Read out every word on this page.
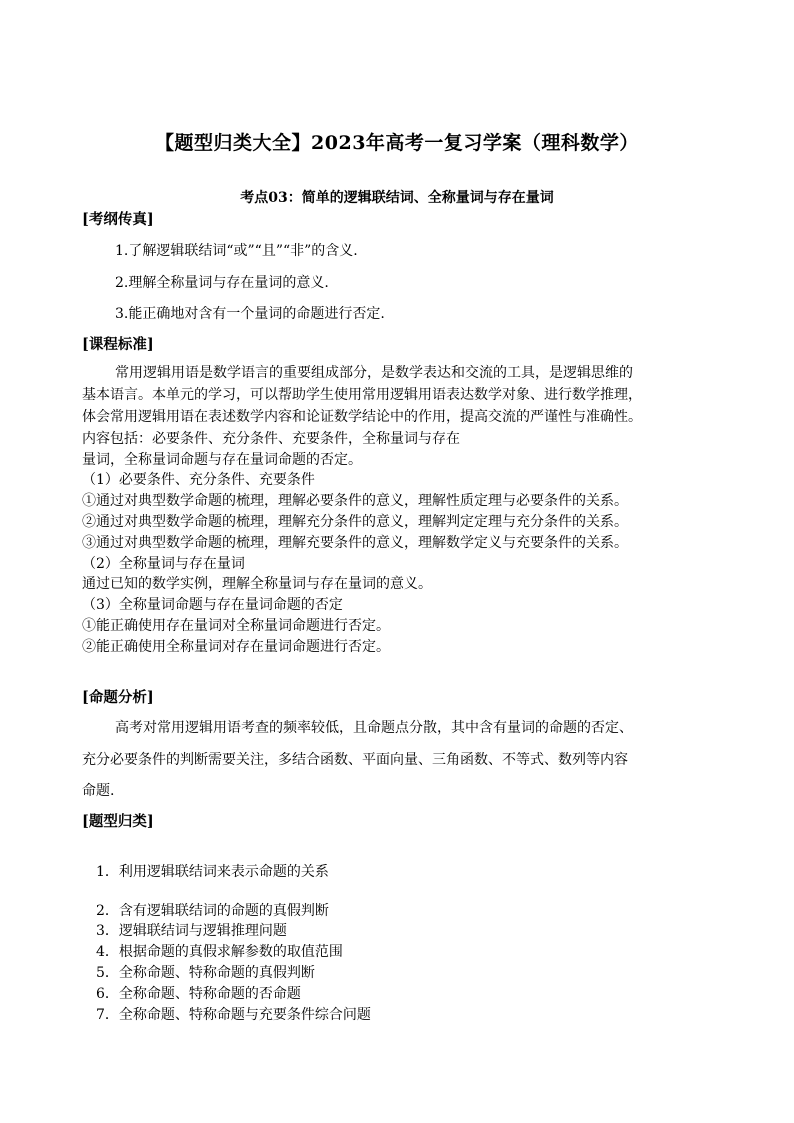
【题型归类大全】2023年高考一复习学案（理科数学）
考点03：简单的逻辑联结词、全称量词与存在量词
[考纲传真]
1.了解逻辑联结词“或”“且”“非”的含义.
2.理解全称量词与存在量词的意义.
3.能正确地对含有一个量词的命题进行否定.
[课程标准]
常用逻辑用语是数学语言的重要组成部分，是数学表达和交流的工具，是逻辑思维的
基本语言。本单元的学习，可以帮助学生使用常用逻辑用语表达数学对象、进行数学推理，
体会常用逻辑用语在表述数学内容和论证数学结论中的作用，提高交流的严谨性与准确性。
内容包括：必要条件、充分条件、充要条件，全称量词与存在
量词，全称量词命题与存在量词命题的否定。
（1）必要条件、充分条件、充要条件
①通过对典型数学命题的梳理，理解必要条件的意义，理解性质定理与必要条件的关系。
②通过对典型数学命题的梳理，理解充分条件的意义，理解判定定理与充分条件的关系。
③通过对典型数学命题的梳理，理解充要条件的意义，理解数学定义与充要条件的关系。
（2）全称量词与存在量词
通过已知的数学实例，理解全称量词与存在量词的意义。
（3）全称量词命题与存在量词命题的否定
①能正确使用存在量词对全称量词命题进行否定。
②能正确使用全称量词对存在量词命题进行否定。
[命题分析]
高考对常用逻辑用语考查的频率较低，且命题点分散，其中含有量词的命题的否定、
充分必要条件的判断需要关注，多结合函数、平面向量、三角函数、不等式、数列等内容
命题.
[题型归类]
1．利用逻辑联结词来表示命题的关系
2．含有逻辑联结词的命题的真假判断
3．逻辑联结词与逻辑推理问题
4．根据命题的真假求解参数的取值范围
5．全称命题、特称命题的真假判断
6．全称命题、特称命题的否命题
7．全称命题、特称命题与充要条件综合问题
